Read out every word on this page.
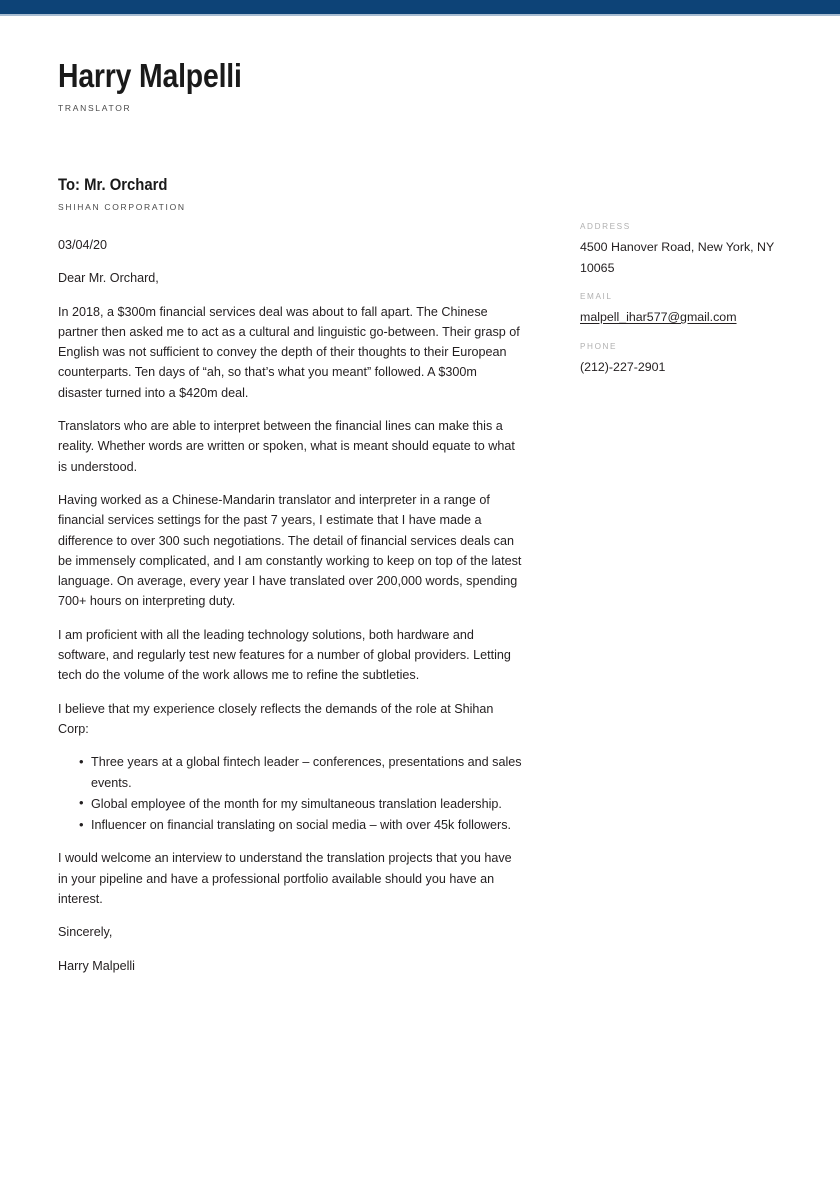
Harry Malpelli
TRANSLATOR
To: Mr. Orchard
SHIHAN CORPORATION

03/04/20

Dear Mr. Orchard,

In 2018, a $300m financial services deal was about to fall apart. The Chinese partner then asked me to act as a cultural and linguistic go-between. Their grasp of English was not sufficient to convey the depth of their thoughts to their European counterparts. Ten days of “ah, so that’s what you meant” followed. A $300m disaster turned into a $420m deal.

Translators who are able to interpret between the financial lines can make this a reality. Whether words are written or spoken, what is meant should equate to what is understood.

Having worked as a Chinese-Mandarin translator and interpreter in a range of financial services settings for the past 7 years, I estimate that I have made a difference to over 300 such negotiations. The detail of financial services deals can be immensely complicated, and I am constantly working to keep on top of the latest language. On average, every year I have translated over 200,000 words, spending 700+ hours on interpreting duty.

I am proficient with all the leading technology solutions, both hardware and software, and regularly test new features for a number of global providers. Letting tech do the volume of the work allows me to refine the subtleties.

I believe that my experience closely reflects the demands of the role at Shihan Corp:

• Three years at a global fintech leader – conferences, presentations and sales events.
• Global employee of the month for my simultaneous translation leadership.
• Influencer on financial translating on social media – with over 45k followers.

I would welcome an interview to understand the translation projects that you have in your pipeline and have a professional portfolio available should you have an interest.

Sincerely,

Harry Malpelli

ADDRESS
4500 Hanover Road, New York, NY 10065
EMAIL
malpell_ihar577@gmail.com
PHONE
(212)-227-2901
